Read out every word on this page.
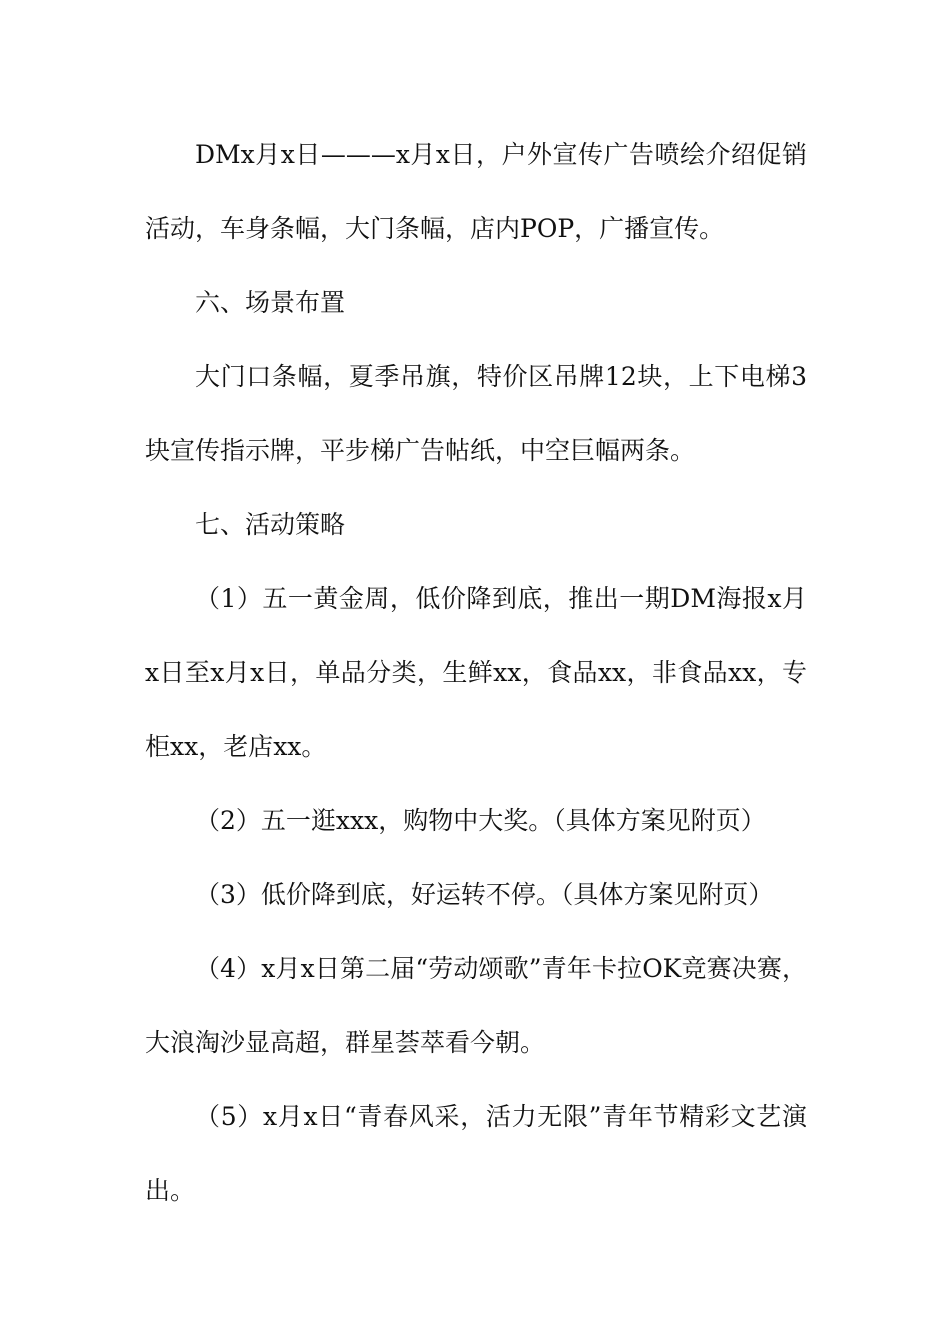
DMx月x日———x月x日，户外宣传广告喷绘介绍促销活动，车身条幅，大门条幅，店内POP，广播宣传。

六、场景布置

大门口条幅，夏季吊旗，特价区吊牌12块，上下电梯3块宣传指示牌，平步梯广告帖纸，中空巨幅两条。

七、活动策略

（1）五一黄金周，低价降到底，推出一期DM海报x月x日至x月x日，单品分类，生鲜xx，食品xx，非食品xx，专柜xx，老店xx。

（2）五一逛xxx，购物中大奖。（具体方案见附页）

（3）低价降到底，好运转不停。（具体方案见附页）

（4）x月x日第二届“劳动颂歌”青年卡拉OK竞赛决赛，大浪淘沙显高超，群星荟萃看今朝。

（5）x月x日“青春风采，活力无限”青年节精彩文艺演出。
